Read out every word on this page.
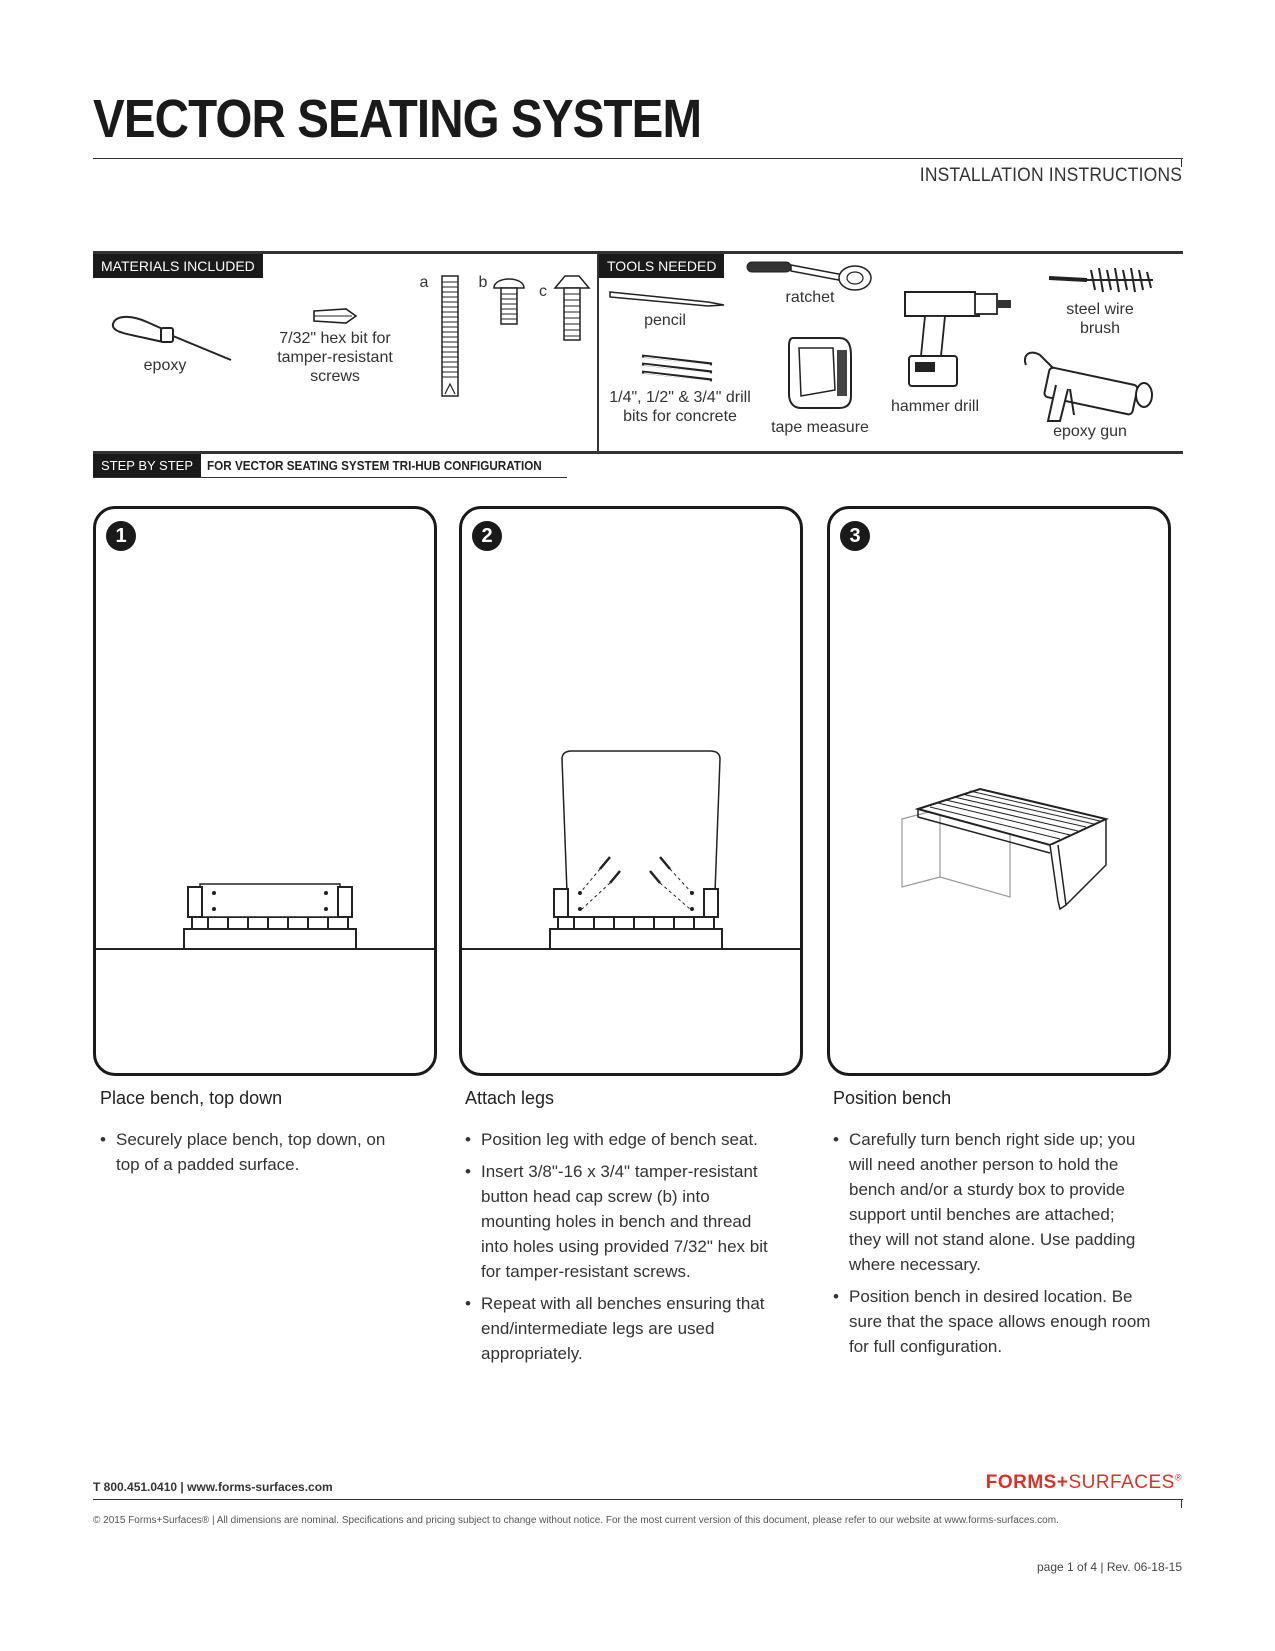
VECTOR SEATING SYSTEM
INSTALLATION INSTRUCTIONS
MATERIALS INCLUDED	TOOLS NEEDED
epoxy
7/32" hex bit for tamper-resistant screws
a	b
c
pencil
1/4", 1/2" & 3/4" drill bits for concrete
ratchet
tape measure
hammer drill
steel wire brush
epoxy gun
STEP BY STEP	FOR VECTOR SEATING SYSTEM TRI-HUB CONFIGURATION
1
Place bench, top down
• Securely place bench, top down, on top of a padded surface.
2
Attach legs
• Position leg with edge of bench seat.
• Insert 3/8"-16 x 3/4" tamper-resistant button head cap screw (b) into mounting holes in bench and thread into holes using provided 7/32" hex bit for tamper-resistant screws.
• Repeat with all benches ensuring that end/intermediate legs are used appropriately.
3
Position bench
• Carefully turn bench right side up; you will need another person to hold the bench and/or a sturdy box to provide support until benches are attached; they will not stand alone. Use padding where necessary.
• Position bench in desired location. Be sure that the space allows enough room for full configuration.
T 800.451.0410 | www.forms-surfaces.com	FORMS+SURFACES®
© 2015 Forms+Surfaces® | All dimensions are nominal. Specifications and pricing subject to change without notice. For the most current version of this document, please refer to our website at www.forms-surfaces.com.
page 1 of 4 | Rev. 06-18-15
